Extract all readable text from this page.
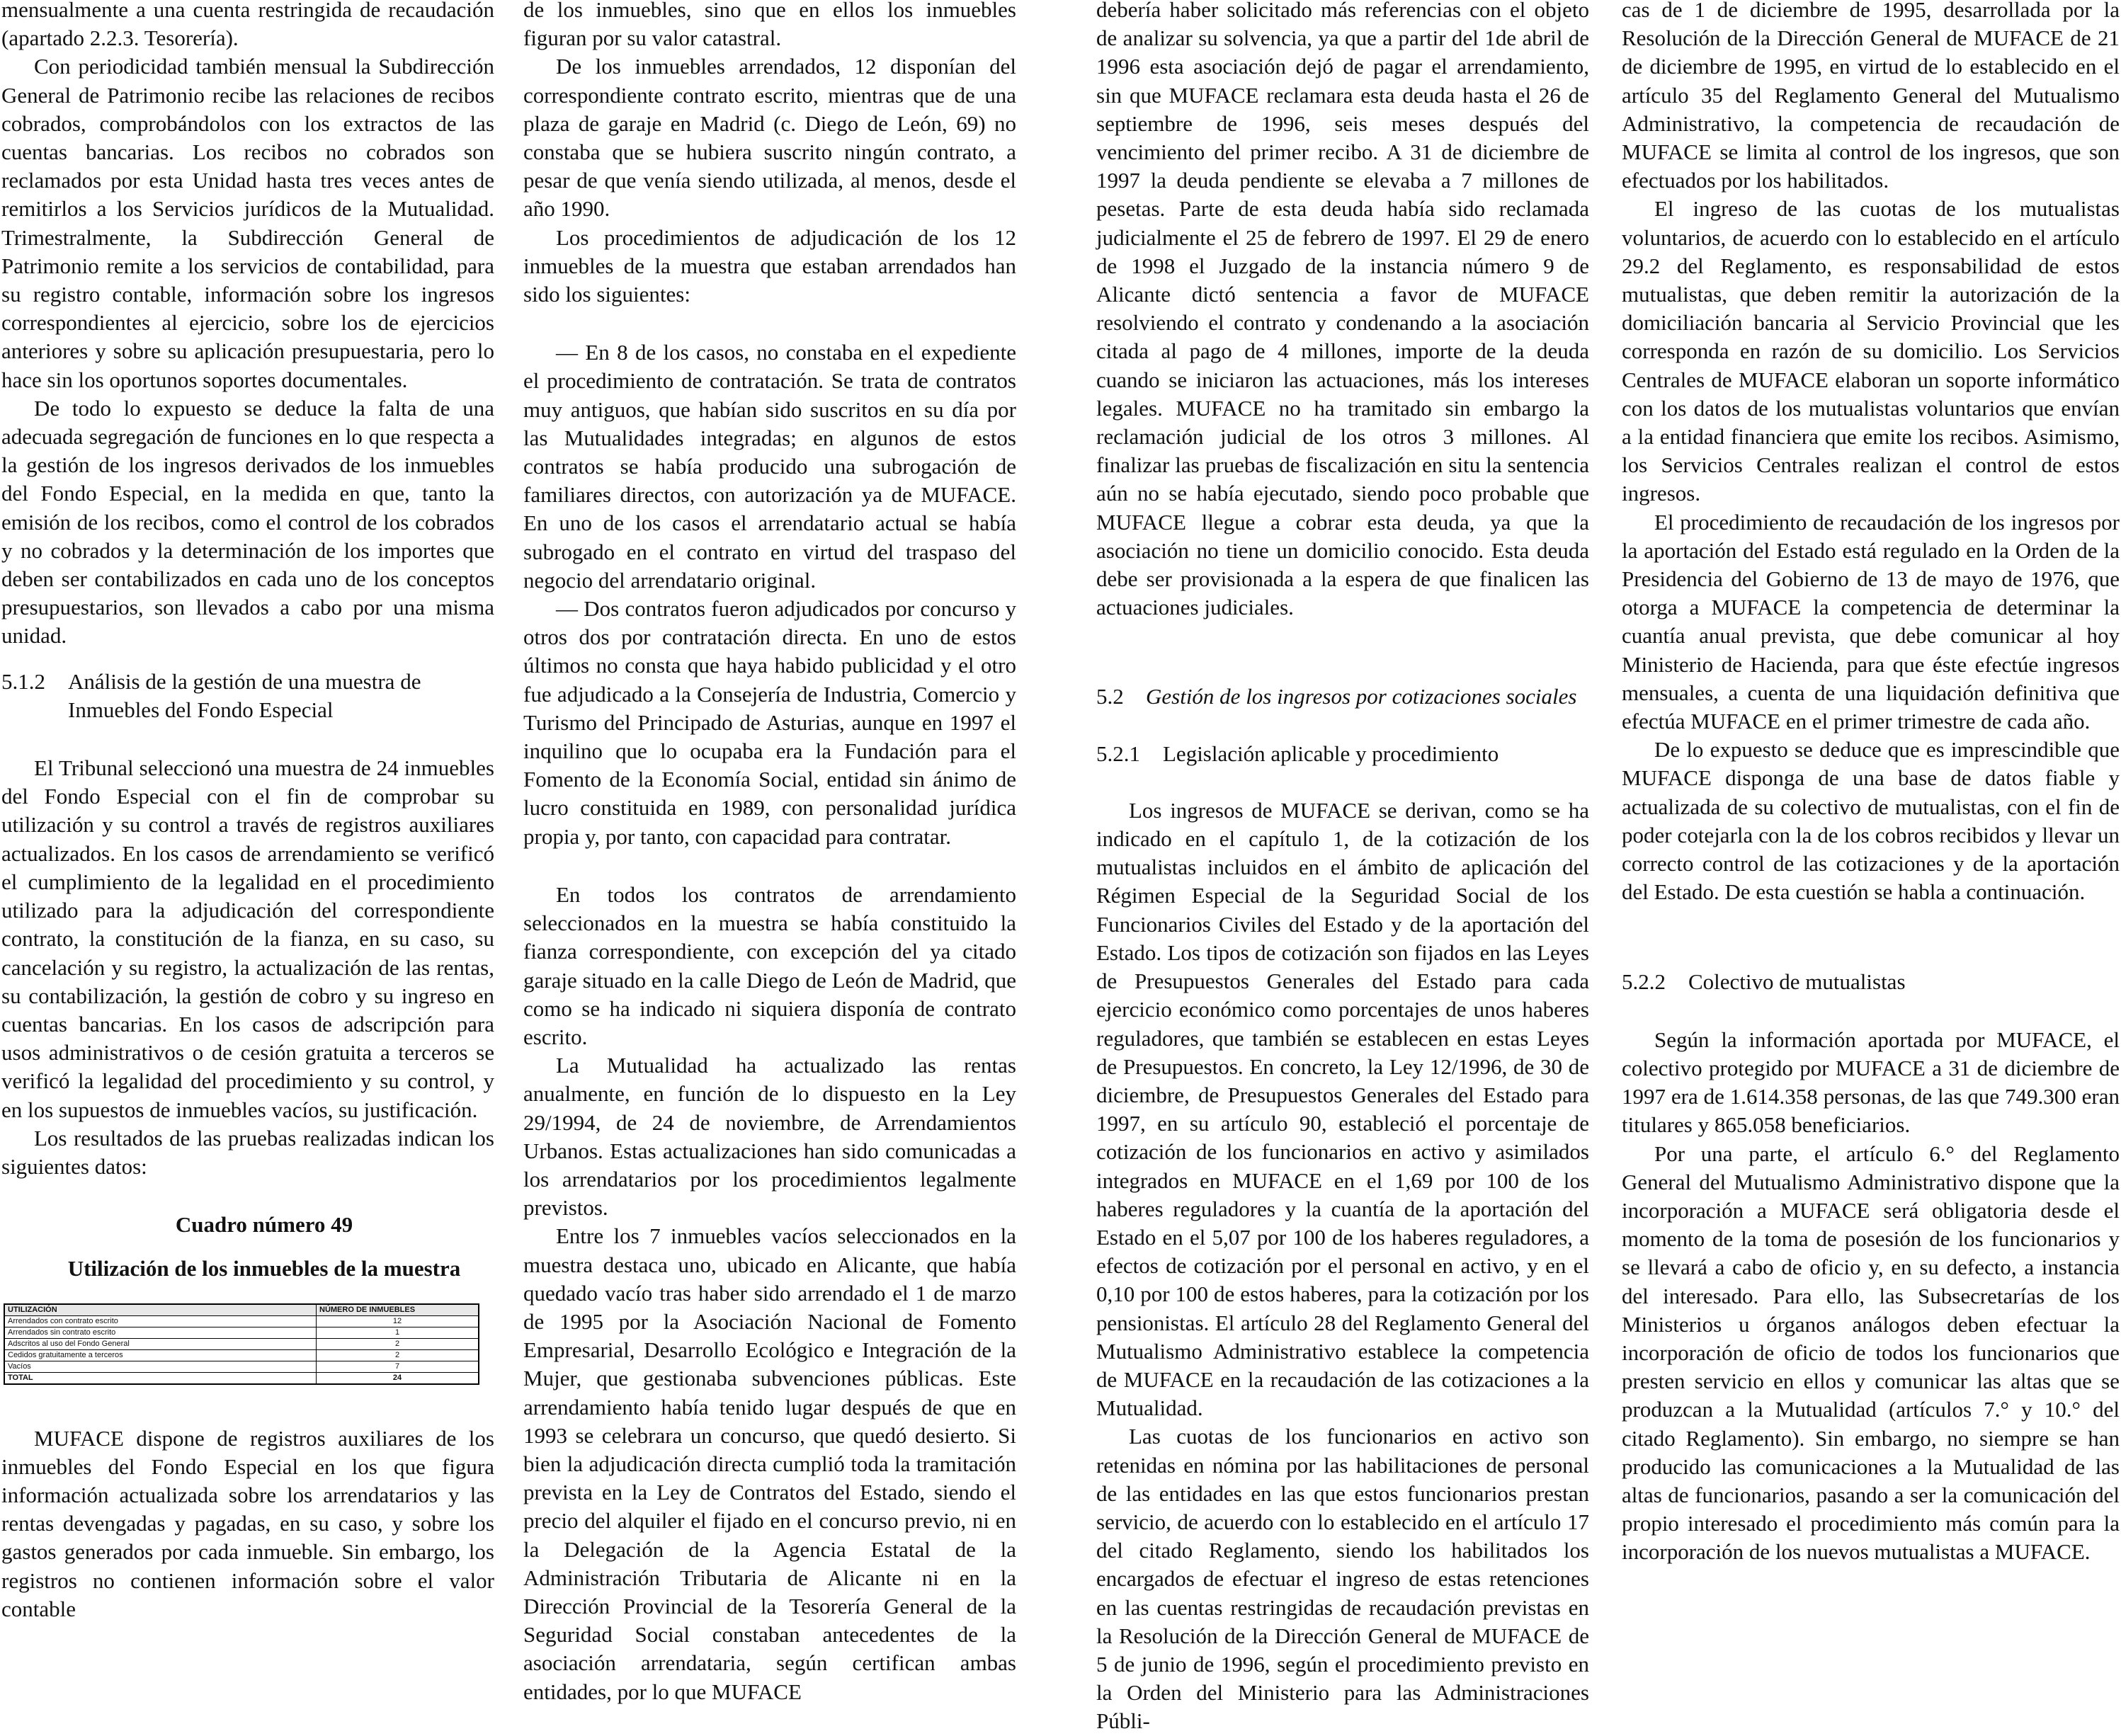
mensualmente a una cuenta restringida de recaudación (apartado 2.2.3. Tesorería).

Con periodicidad también mensual la Subdirección General de Patrimonio recibe las relaciones de recibos cobrados, comprobándolos con los extractos de las cuentas bancarias. Los recibos no cobrados son reclamados por esta Unidad hasta tres veces antes de remitirlos a los Servicios jurídicos de la Mutualidad. Trimestralmente, la Subdirección General de Patrimonio remite a los servicios de contabilidad, para su registro contable, información sobre los ingresos correspondientes al ejercicio, sobre los de ejercicios anteriores y sobre su aplicación presupuestaria, pero lo hace sin los oportunos soportes documentales.

De todo lo expuesto se deduce la falta de una adecuada segregación de funciones en lo que respecta a la gestión de los ingresos derivados de los inmuebles del Fondo Especial, en la medida en que, tanto la emisión de los recibos, como el control de los cobrados y no cobrados y la determinación de los importes que deben ser contabilizados en cada uno de los conceptos presupuestarios, son llevados a cabo por una misma unidad.

5.1.2	Análisis de la gestión de una muestra de Inmuebles del Fondo Especial

El Tribunal seleccionó una muestra de 24 inmuebles del Fondo Especial con el fin de comprobar su utilización y su control a través de registros auxiliares actualizados. En los casos de arrendamiento se verificó el cumplimiento de la legalidad en el procedimiento utilizado para la adjudicación del correspondiente contrato, la constitución de la fianza, en su caso, su cancelación y su registro, la actualización de las rentas, su contabilización, la gestión de cobro y su ingreso en cuentas bancarias. En los casos de adscripción para usos administrativos o de cesión gratuita a terceros se verificó la legalidad del procedimiento y su control, y en los supuestos de inmuebles vacíos, su justificación.

Los resultados de las pruebas realizadas indican los siguientes datos:

Cuadro número 49

Utilización de los inmuebles de la muestra

UTILIZACIÓN	NÚMERO DE INMUEBLES
Arrendados con contrato escrito	12
Arrendados sin contrato escrito	1
Adscritos al uso del Fondo General	2
Cedidos gratuitamente a terceros	2
Vacíos	7
TOTAL	24

MUFACE dispone de registros auxiliares de los inmuebles del Fondo Especial en los que figura información actualizada sobre los arrendatarios y las rentas devengadas y pagadas, en su caso, y sobre los gastos generados por cada inmueble. Sin embargo, los registros no contienen información sobre el valor contable

de los inmuebles, sino que en ellos los inmuebles figuran por su valor catastral.

De los inmuebles arrendados, 12 disponían del correspondiente contrato escrito, mientras que de una plaza de garaje en Madrid (c. Diego de León, 69) no constaba que se hubiera suscrito ningún contrato, a pesar de que venía siendo utilizada, al menos, desde el año 1990.

Los procedimientos de adjudicación de los 12 inmuebles de la muestra que estaban arrendados han sido los siguientes:

— En 8 de los casos, no constaba en el expediente el procedimiento de contratación. Se trata de contratos muy antiguos, que habían sido suscritos en su día por las Mutualidades integradas; en algunos de estos contratos se había producido una subrogación de familiares directos, con autorización ya de MUFACE. En uno de los casos el arrendatario actual se había subrogado en el contrato en virtud del traspaso del negocio del arrendatario original.

— Dos contratos fueron adjudicados por concurso y otros dos por contratación directa. En uno de estos últimos no consta que haya habido publicidad y el otro fue adjudicado a la Consejería de Industria, Comercio y Turismo del Principado de Asturias, aunque en 1997 el inquilino que lo ocupaba era la Fundación para el Fomento de la Economía Social, entidad sin ánimo de lucro constituida en 1989, con personalidad jurídica propia y, por tanto, con capacidad para contratar.

En todos los contratos de arrendamiento seleccionados en la muestra se había constituido la fianza correspondiente, con excepción del ya citado garaje situado en la calle Diego de León de Madrid, que como se ha indicado ni siquiera disponía de contrato escrito.

La Mutualidad ha actualizado las rentas anualmente, en función de lo dispuesto en la Ley 29/1994, de 24 de noviembre, de Arrendamientos Urbanos. Estas actualizaciones han sido comunicadas a los arrendatarios por los procedimientos legalmente previstos.

Entre los 7 inmuebles vacíos seleccionados en la muestra destaca uno, ubicado en Alicante, que había quedado vacío tras haber sido arrendado el 1 de marzo de 1995 por la Asociación Nacional de Fomento Empresarial, Desarrollo Ecológico e Integración de la Mujer, que gestionaba subvenciones públicas. Este arrendamiento había tenido lugar después de que en 1993 se celebrara un concurso, que quedó desierto. Si bien la adjudicación directa cumplió toda la tramitación prevista en la Ley de Contratos del Estado, siendo el precio del alquiler el fijado en el concurso previo, ni en la Delegación de la Agencia Estatal de la Administración Tributaria de Alicante ni en la Dirección Provincial de la Tesorería General de la Seguridad Social constaban antecedentes de la asociación arrendataria, según certifican ambas entidades, por lo que MUFACE

debería haber solicitado más referencias con el objeto de analizar su solvencia, ya que a partir del 1de abril de 1996 esta asociación dejó de pagar el arrendamiento, sin que MUFACE reclamara esta deuda hasta el 26 de septiembre de 1996, seis meses después del vencimiento del primer recibo. A 31 de diciembre de 1997 la deuda pendiente se elevaba a 7 millones de pesetas. Parte de esta deuda había sido reclamada judicialmente el 25 de febrero de 1997. El 29 de enero de 1998 el Juzgado de la instancia número 9 de Alicante dictó sentencia a favor de MUFACE resolviendo el contrato y condenando a la asociación citada al pago de 4 millones, importe de la deuda cuando se iniciaron las actuaciones, más los intereses legales. MUFACE no ha tramitado sin embargo la reclamación judicial de los otros 3 millones. Al finalizar las pruebas de fiscalización en situ la sentencia aún no se había ejecutado, siendo poco probable que MUFACE llegue a cobrar esta deuda, ya que la asociación no tiene un domicilio conocido. Esta deuda debe ser provisionada a la espera de que finalicen las actuaciones judiciales.

5.2	Gestión de los ingresos por cotizaciones sociales
5.2.1	Legislación aplicable y procedimiento

Los ingresos de MUFACE se derivan, como se ha indicado en el capítulo 1, de la cotización de los mutualistas incluidos en el ámbito de aplicación del Régimen Especial de la Seguridad Social de los Funcionarios Civiles del Estado y de la aportación del Estado. Los tipos de cotización son fijados en las Leyes de Presupuestos Generales del Estado para cada ejercicio económico como porcentajes de unos haberes reguladores, que también se establecen en estas Leyes de Presupuestos. En concreto, la Ley 12/1996, de 30 de diciembre, de Presupuestos Generales del Estado para 1997, en su artículo 90, estableció el porcentaje de cotización de los funcionarios en activo y asimilados integrados en MUFACE en el 1,69 por 100 de los haberes reguladores y la cuantía de la aportación del Estado en el 5,07 por 100 de los haberes reguladores, a efectos de cotización por el personal en activo, y en el 0,10 por 100 de estos haberes, para la cotización por los pensionistas. El artículo 28 del Reglamento General del Mutualismo Administrativo establece la competencia de MUFACE en la recaudación de las cotizaciones a la Mutualidad.

Las cuotas de los funcionarios en activo son retenidas en nómina por las habilitaciones de personal de las entidades en las que estos funcionarios prestan servicio, de acuerdo con lo establecido en el artículo 17 del citado Reglamento, siendo los habilitados los encargados de efectuar el ingreso de estas retenciones en las cuentas restringidas de recaudación previstas en la Resolución de la Dirección General de MUFACE de 5 de junio de 1996, según el procedimiento previsto en la Orden del Ministerio para las Administraciones Públi-

cas de 1 de diciembre de 1995, desarrollada por la Resolución de la Dirección General de MUFACE de 21 de diciembre de 1995, en virtud de lo establecido en el artículo 35 del Reglamento General del Mutualismo Administrativo, la competencia de recaudación de MUFACE se limita al control de los ingresos, que son efectuados por los habilitados.

El ingreso de las cuotas de los mutualistas voluntarios, de acuerdo con lo establecido en el artículo 29.2 del Reglamento, es responsabilidad de estos mutualistas, que deben remitir la autorización de la domiciliación bancaria al Servicio Provincial que les corresponda en razón de su domicilio. Los Servicios Centrales de MUFACE elaboran un soporte informático con los datos de los mutualistas voluntarios que envían a la entidad financiera que emite los recibos. Asimismo, los Servicios Centrales realizan el control de estos ingresos.

El procedimiento de recaudación de los ingresos por la aportación del Estado está regulado en la Orden de la Presidencia del Gobierno de 13 de mayo de 1976, que otorga a MUFACE la competencia de determinar la cuantía anual prevista, que debe comunicar al hoy Ministerio de Hacienda, para que éste efectúe ingresos mensuales, a cuenta de una liquidación definitiva que efectúa MUFACE en el primer trimestre de cada año.

De lo expuesto se deduce que es imprescindible que MUFACE disponga de una base de datos fiable y actualizada de su colectivo de mutualistas, con el fin de poder cotejarla con la de los cobros recibidos y llevar un correcto control de las cotizaciones y de la aportación del Estado. De esta cuestión se habla a continuación.

5.2.2	Colectivo de mutualistas

Según la información aportada por MUFACE, el colectivo protegido por MUFACE a 31 de diciembre de 1997 era de 1.614.358 personas, de las que 749.300 eran titulares y 865.058 beneficiarios.

Por una parte, el artículo 6.° del Reglamento General del Mutualismo Administrativo dispone que la incorporación a MUFACE será obligatoria desde el momento de la toma de posesión de los funcionarios y se llevará a cabo de oficio y, en su defecto, a instancia del interesado. Para ello, las Subsecretarías de los Ministerios u órganos análogos deben efectuar la incorporación de oficio de todos los funcionarios que presten servicio en ellos y comunicar las altas que se produzcan a la Mutualidad (artículos 7.° y 10.° del citado Reglamento). Sin embargo, no siempre se han producido las comunicaciones a la Mutualidad de las altas de funcionarios, pasando a ser la comunicación del propio interesado el procedimiento más común para la incorporación de los nuevos mutualistas a MUFACE.
